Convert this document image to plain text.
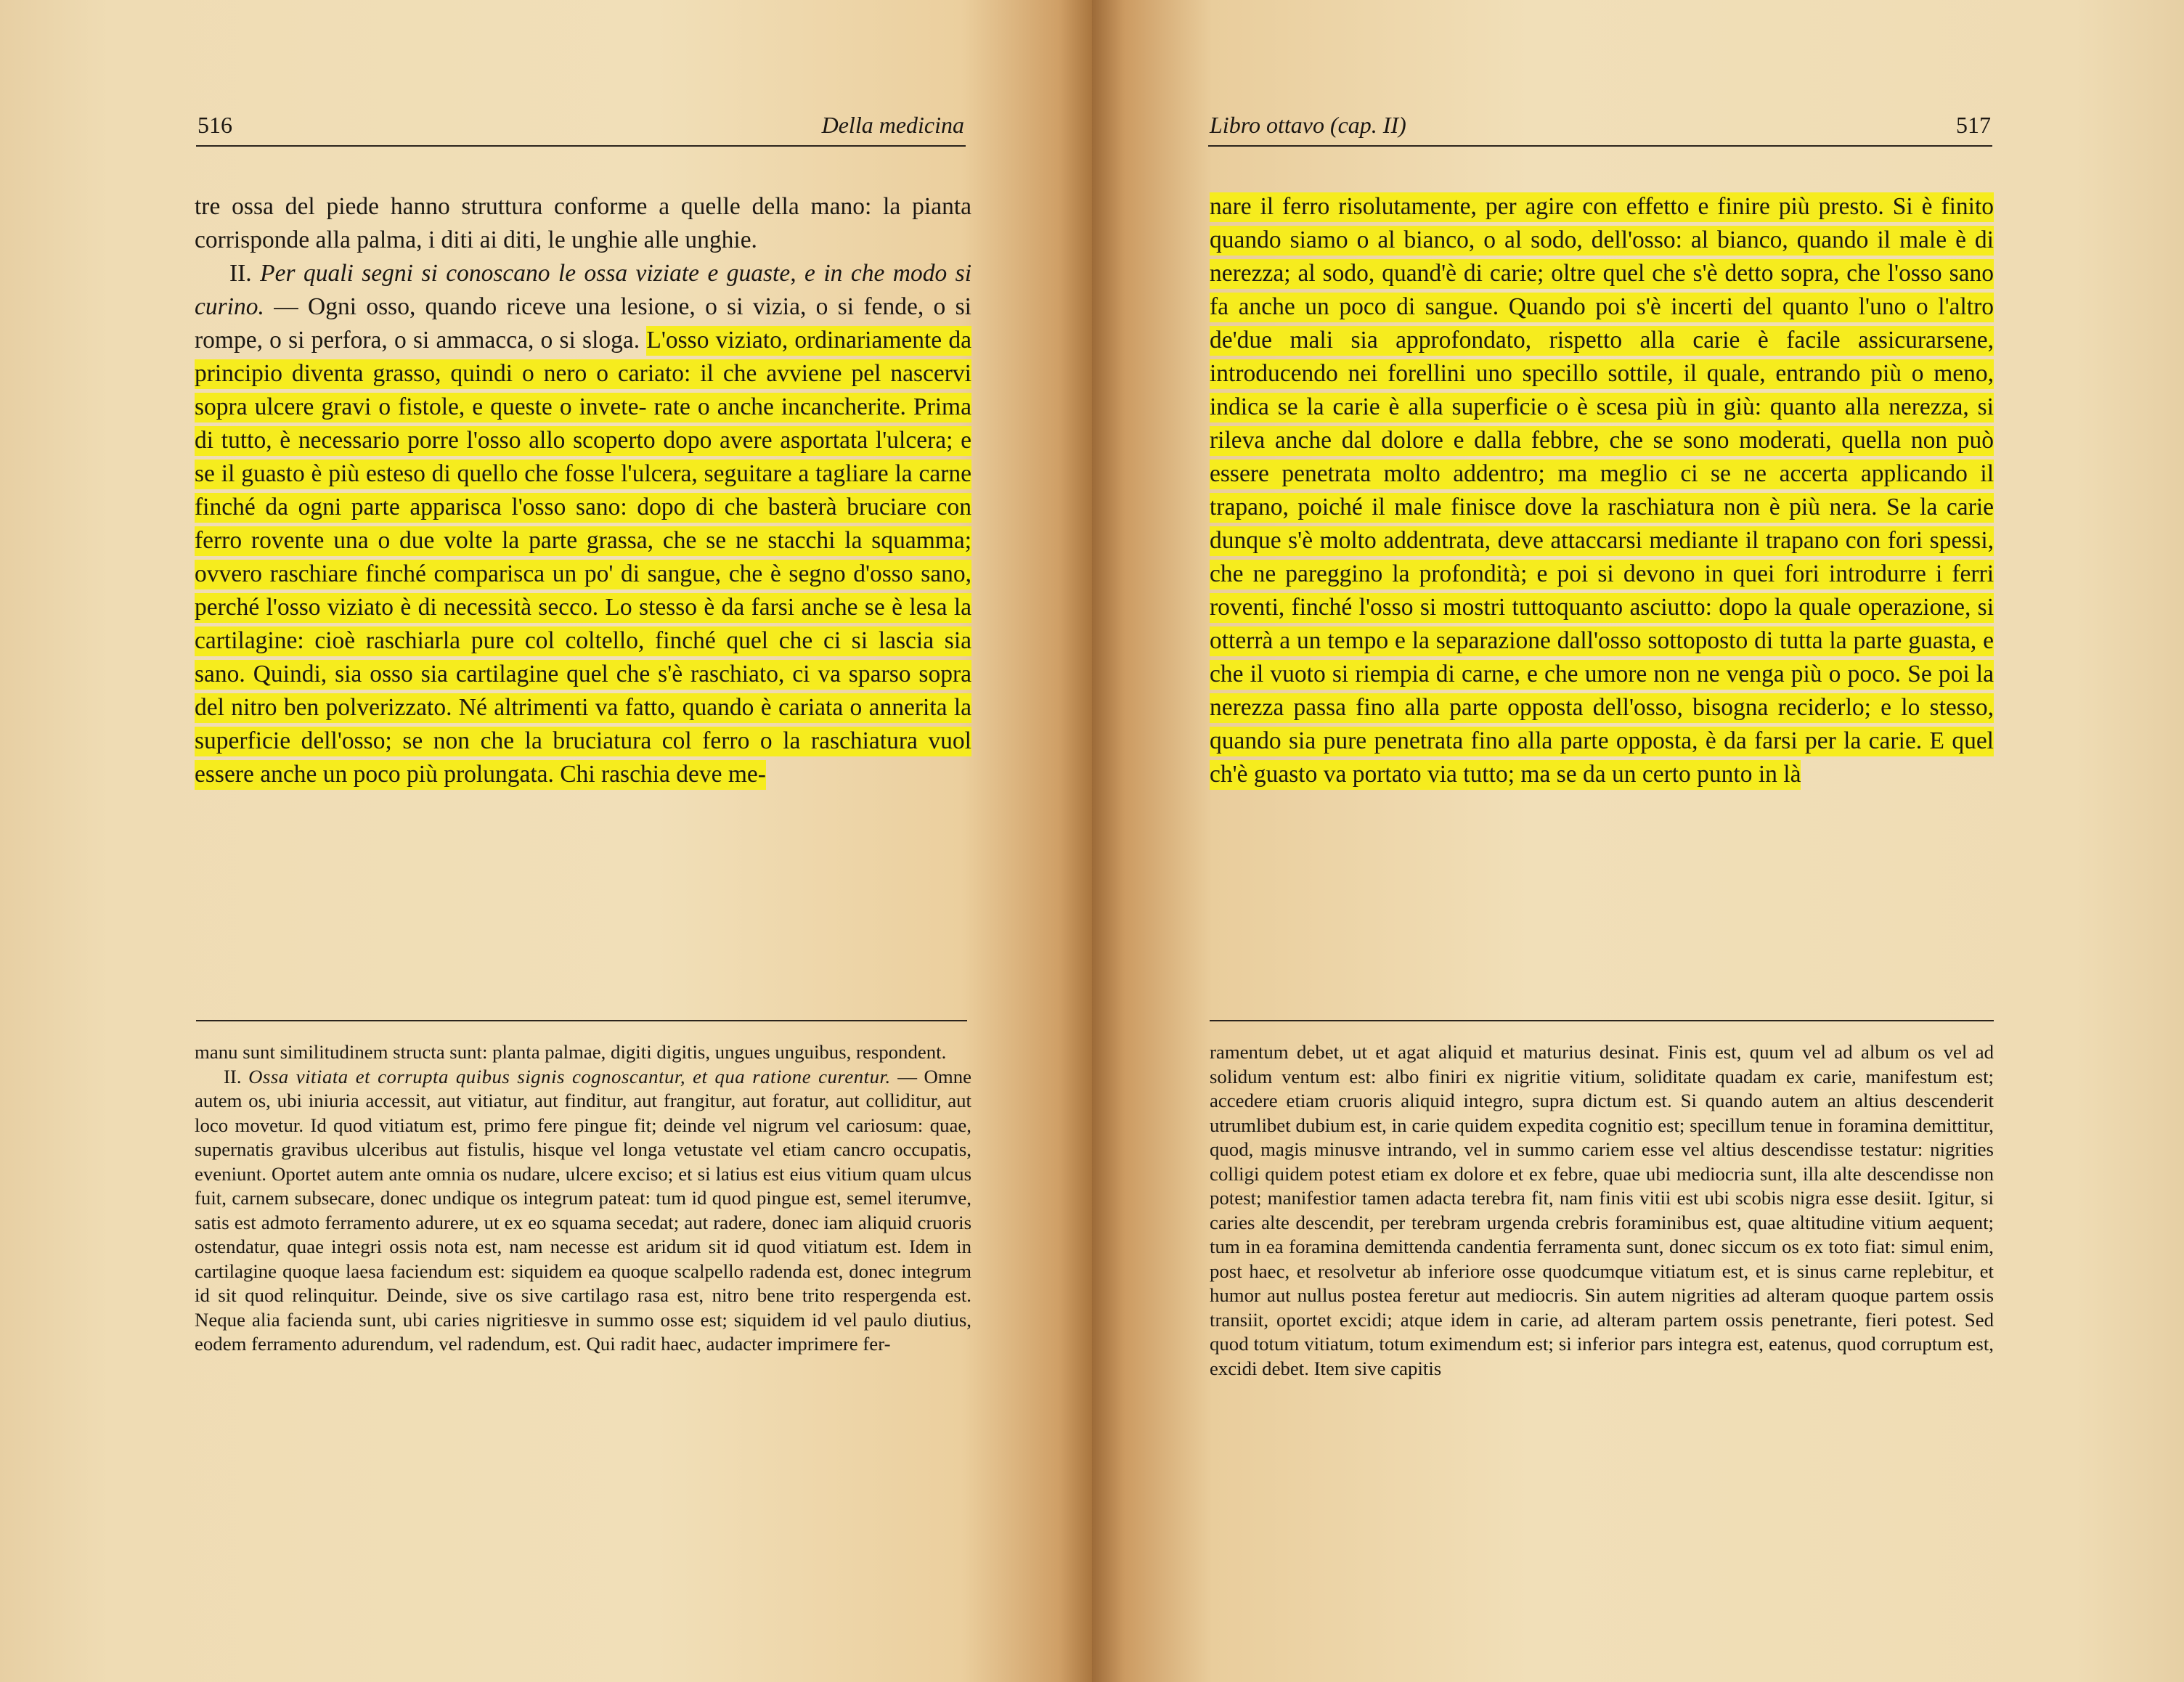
516	Della medicina

tre ossa del piede hanno struttura conforme a quelle della mano: la pianta corrisponde alla palma, i diti ai diti, le unghie alle unghie.

II. Per quali segni si conoscano le ossa viziate e guaste, e in che modo si curino. — Ogni osso, quando riceve una lesione, o si vizia, o si fende, o si rompe, o si perfora, o si ammacca, o si sloga. L'osso viziato, ordinariamente da principio diventa grasso, quindi o nero o cariato: il che avviene pel nascervi sopra ulcere gravi o fistole, e queste o invete- rate o anche incancherite. Prima di tutto, è necessario porre l'osso allo scoperto dopo avere asportata l'ulcera; e se il guasto è più esteso di quello che fosse l'ulcera, seguitare a tagliare la carne finché da ogni parte apparisca l'osso sano: dopo di che basterà bruciare con ferro rovente una o due volte la parte grassa, che se ne stacchi la squamma; ovvero raschiare finché comparisca un po' di sangue, che è segno d'osso sano, perché l'osso viziato è di necessità secco. Lo stesso è da farsi anche se è lesa la cartilagine: cioè raschiarla pure col coltello, finché quel che ci si lascia sia sano. Quindi, sia osso sia cartilagine quel che s'è raschiato, ci va sparso sopra del nitro ben polverizzato. Né altrimenti va fatto, quando è cariata o annerita la superficie dell'osso; se non che la bruciatura col ferro o la raschiatura vuol essere anche un poco più prolungata. Chi raschia deve me-

manu sunt similitudinem structa sunt: planta palmae, digiti digitis, ungues unguibus, respondent.

II. Ossa vitiata et corrupta quibus signis cognoscantur, et qua ratione curentur. — Omne autem os, ubi iniuria accessit, aut vitiatur, aut finditur, aut frangitur, aut foratur, aut colliditur, aut loco movetur. Id quod vitiatum est, primo fere pingue fit; deinde vel nigrum vel cariosum: quae, supernatis gravibus ulceribus aut fistulis, hisque vel longa vetustate vel etiam cancro occupatis, eveniunt. Oportet autem ante omnia os nudare, ulcere exciso; et si latius est eius vitium quam ulcus fuit, carnem subsecare, donec undique os integrum pateat: tum id quod pingue est, semel iterumve, satis est admoto ferramento adurere, ut ex eo squama secedat; aut radere, donec iam aliquid cruoris ostendatur, quae integri ossis nota est, nam necesse est aridum sit id quod vitiatum est. Idem in cartilagine quoque laesa faciendum est: siquidem ea quoque scalpello radenda est, donec integrum id sit quod relinquitur. Deinde, sive os sive cartilago rasa est, nitro bene trito respergenda est. Neque alia facienda sunt, ubi caries nigritiesve in summo osse est; siquidem id vel paulo diutius, eodem ferramento adurendum, vel radendum, est. Qui radit haec, audacter imprimere fer-

Libro ottavo (cap. II)	517

nare il ferro risolutamente, per agire con effetto e finire più presto. Si è finito quando siamo o al bianco, o al sodo, dell'osso: al bianco, quando il male è di nerezza; al sodo, quand'è di carie; oltre quel che s'è detto sopra, che l'osso sano fa anche un poco di sangue. Quando poi s'è incerti del quanto l'uno o l'altro de'due mali sia approfondato, rispetto alla carie è facile assicurarsene, introducendo nei forellini uno specillo sottile, il quale, entrando più o meno, indica se la carie è alla superficie o è scesa più in giù: quanto alla nerezza, si rileva anche dal dolore e dalla febbre, che se sono moderati, quella non può essere penetrata molto addentro; ma meglio ci se ne accerta applicando il trapano, poiché il male finisce dove la raschiatura non è più nera. Se la carie dunque s'è molto addentrata, deve attaccarsi mediante il trapano con fori spessi, che ne pareggino la profondità; e poi si devono in quei fori introdurre i ferri roventi, finché l'osso si mostri tuttoquanto asciutto: dopo la quale operazione, si otterrà a un tempo e la separazione dall'osso sottoposto di tutta la parte guasta, e che il vuoto si riempia di carne, e che umore non ne venga più o poco. Se poi la nerezza passa fino alla parte opposta dell'osso, bisogna reciderlo; e lo stesso, quando sia pure penetrata fino alla parte opposta, è da farsi per la carie. E quel ch'è guasto va portato via tutto; ma se da un certo punto in là

ramentum debet, ut et agat aliquid et maturius desinat. Finis est, quum vel ad album os vel ad solidum ventum est: albo finiri ex nigritie vitium, soliditate quadam ex carie, manifestum est; accedere etiam cruoris aliquid integro, supra dictum est. Si quando autem an altius descenderit utrumlibet dubium est, in carie quidem expedita cognitio est; specillum tenue in foramina demittitur, quod, magis minusve intrando, vel in summo cariem esse vel altius descendisse testatur: nigrities colligi quidem potest etiam ex dolore et ex febre, quae ubi mediocria sunt, illa alte descendisse non potest; manifestior tamen adacta terebra fit, nam finis vitii est ubi scobis nigra esse desiit. Igitur, si caries alte descendit, per terebram urgenda crebris foraminibus est, quae altitudine vitium aequent; tum in ea foramina demittenda candentia ferramenta sunt, donec siccum os ex toto fiat: simul enim, post haec, et resolvetur ab inferiore osse quodcumque vitiatum est, et is sinus carne replebitur, et humor aut nullus postea feretur aut mediocris. Sin autem nigrities ad alteram quoque partem ossis transiit, oportet excidi; atque idem in carie, ad alteram partem ossis penetrante, fieri potest. Sed quod totum vitiatum, totum eximendum est; si inferior pars integra est, eatenus, quod corruptum est, excidi debet. Item sive capitis
